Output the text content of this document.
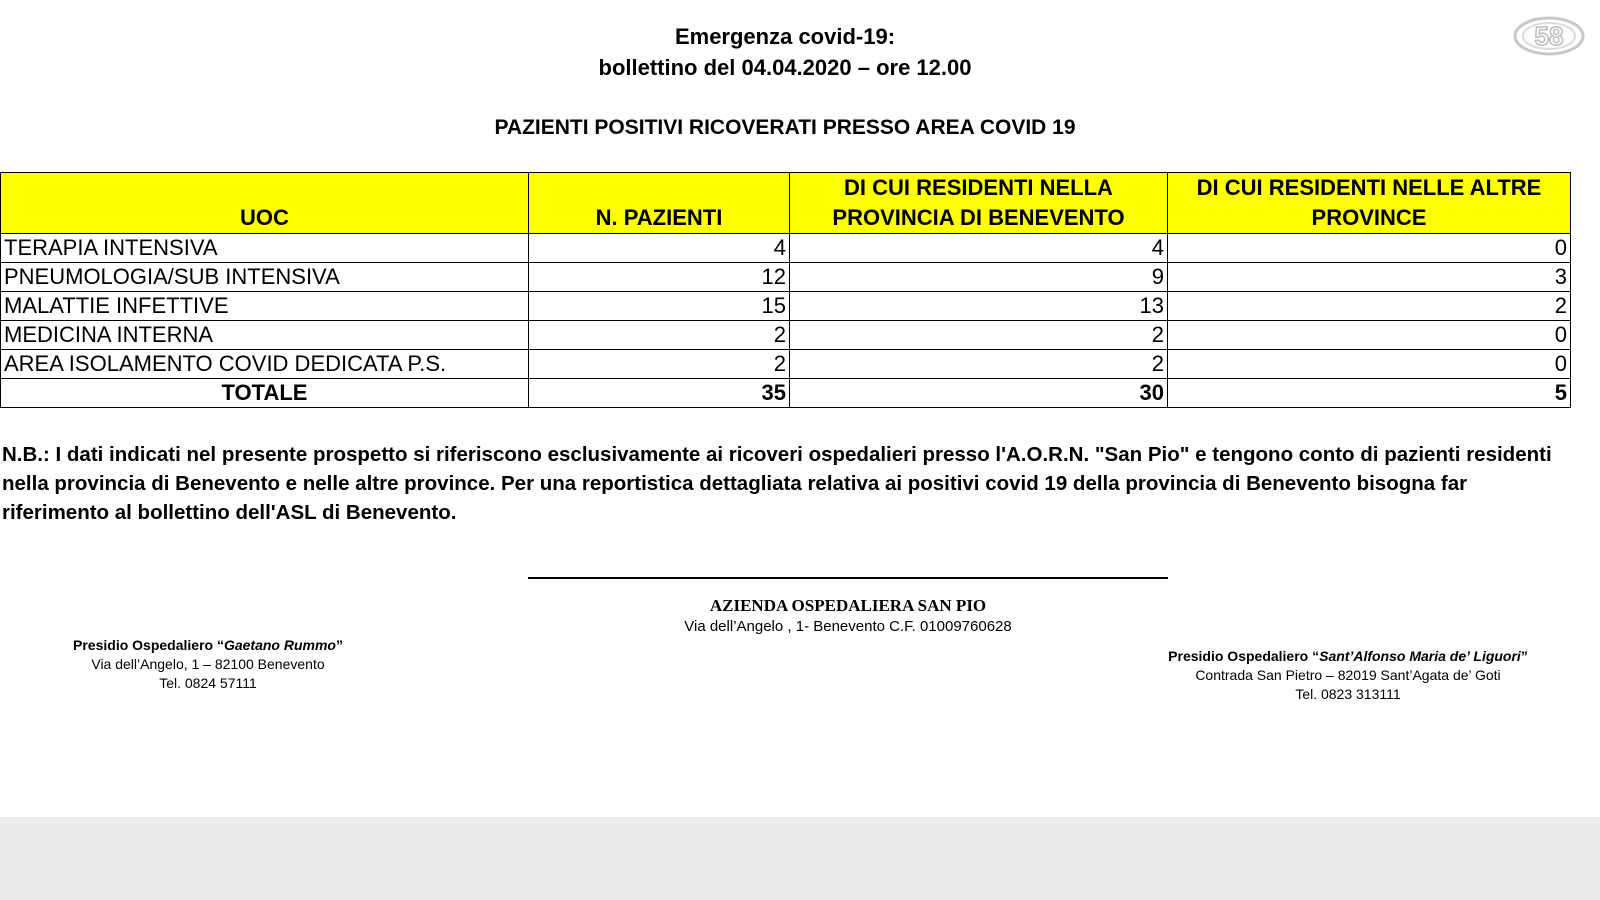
Emergenza covid-19:
bollettino del 04.04.2020 – ore 12.00
PAZIENTI POSITIVI RICOVERATI PRESSO AREA COVID 19
58
UOC	N. PAZIENTI	DI CUI RESIDENTI NELLA PROVINCIA DI BENEVENTO	DI CUI RESIDENTI NELLE ALTRE PROVINCE
TERAPIA INTENSIVA	4	4	0
PNEUMOLOGIA/SUB INTENSIVA	12	9	3
MALATTIE INFETTIVE	15	13	2
MEDICINA INTERNA	2	2	0
AREA ISOLAMENTO COVID DEDICATA P.S.	2	2	0
TOTALE	35	30	5
N.B.: I dati indicati nel presente prospetto si riferiscono esclusivamente ai ricoveri ospedalieri presso l'A.O.R.N. "San Pio" e tengono conto di pazienti residenti nella provincia di Benevento e nelle altre province. Per una reportistica dettagliata relativa ai positivi covid 19 della provincia di Benevento bisogna far riferimento al bollettino dell'ASL di Benevento.
AZIENDA OSPEDALIERA SAN PIO
Via dell’Angelo , 1- Benevento C.F. 01009760628
Presidio Ospedaliero “Gaetano Rummo”
Via dell’Angelo, 1 – 82100 Benevento
Tel. 0824 57111
Presidio Ospedaliero “Sant’Alfonso Maria de’ Liguori”
Contrada San Pietro – 82019 Sant’Agata de’ Goti
Tel. 0823 313111
